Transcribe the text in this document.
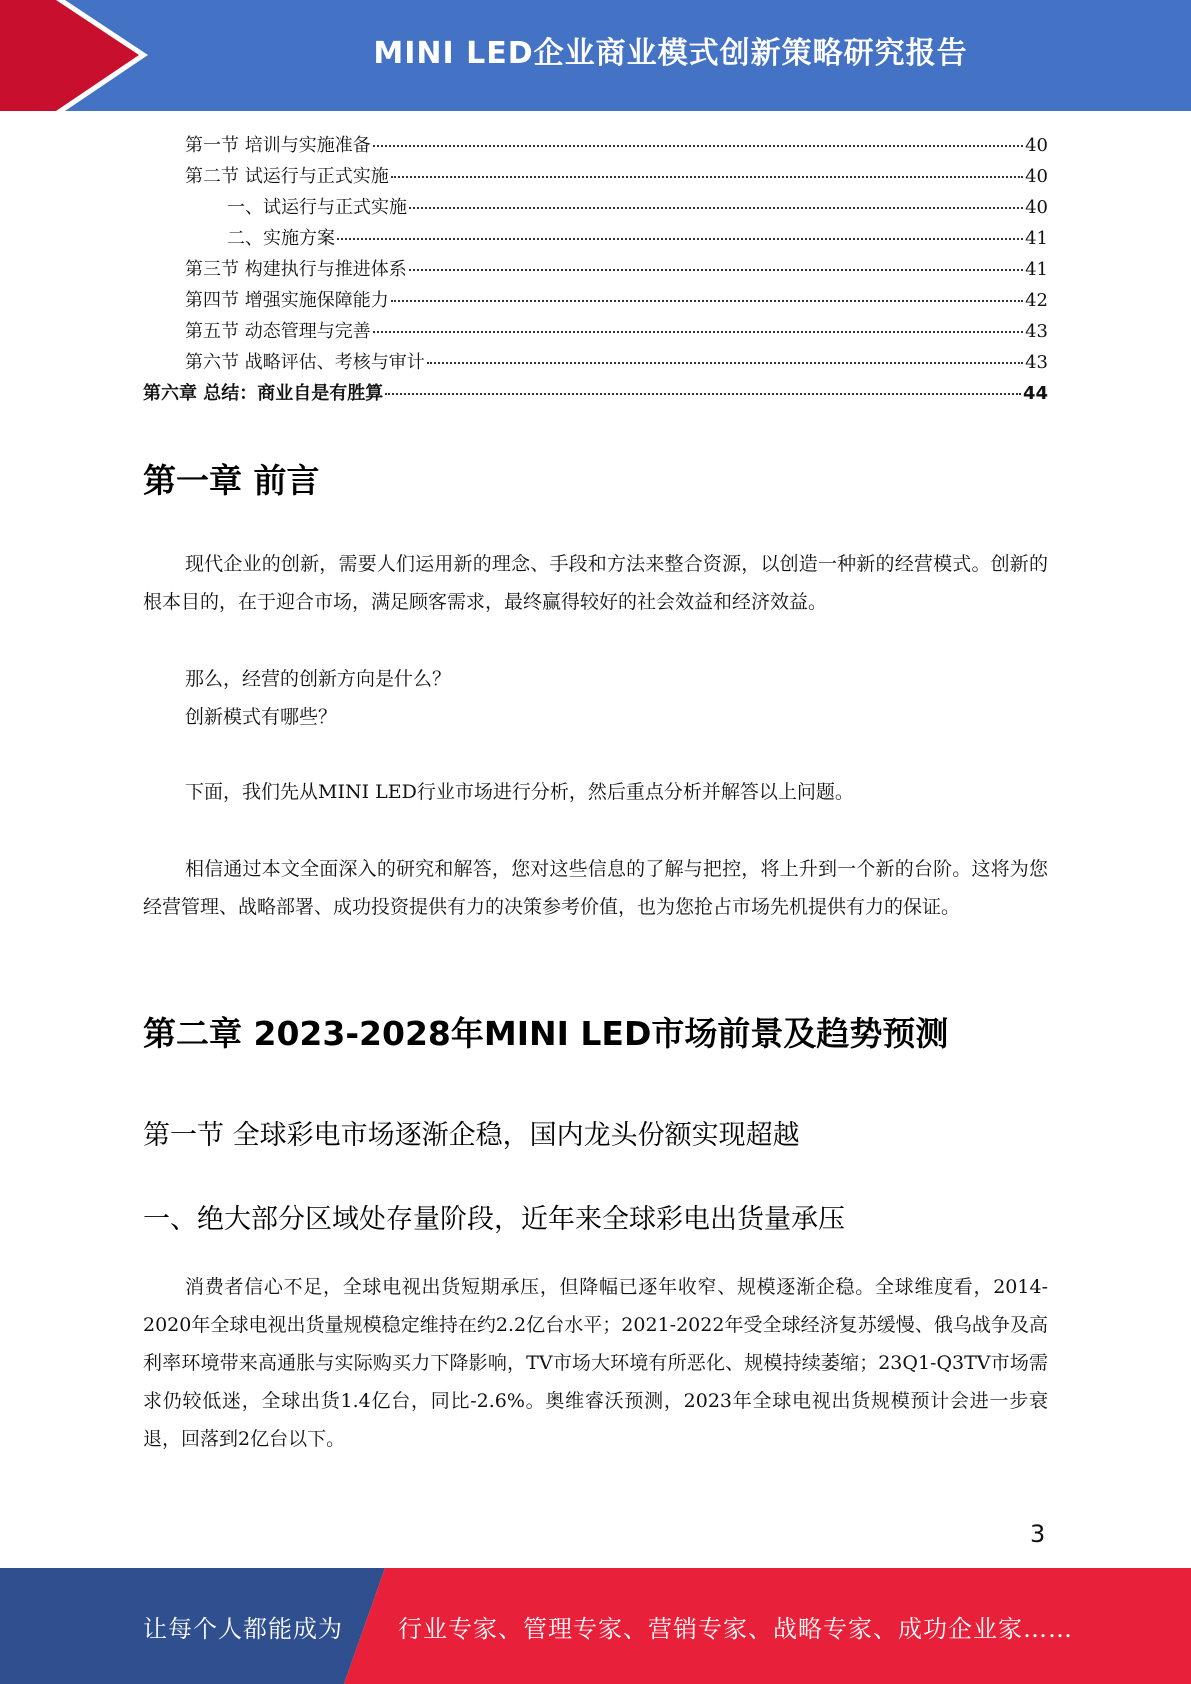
MINI LED企业商业模式创新策略研究报告
第一节 培训与实施准备	40
第二节 试运行与正式实施	40
一、试运行与正式实施	40
二、实施方案	41
第三节 构建执行与推进体系	41
第四节 增强实施保障能力	42
第五节 动态管理与完善	43
第六节 战略评估、考核与审计	43
第六章 总结：商业自是有胜算	44
第一章 前言

现代企业的创新，需要人们运用新的理念、手段和方法来整合资源，以创造一种新的经营模式。创新的根本目的，在于迎合市场，满足顾客需求，最终赢得较好的社会效益和经济效益。

那么，经营的创新方向是什么？

创新模式有哪些？

下面，我们先从MINI LED行业市场进行分析，然后重点分析并解答以上问题。

相信通过本文全面深入的研究和解答，您对这些信息的了解与把控，将上升到一个新的台阶。这将为您经营管理、战略部署、成功投资提供有力的决策参考价值，也为您抢占市场先机提供有力的保证。

第二章 2023-2028年MINI LED市场前景及趋势预测
第一节 全球彩电市场逐渐企稳，国内龙头份额实现超越
一、绝大部分区域处存量阶段，近年来全球彩电出货量承压

消费者信心不足，全球电视出货短期承压，但降幅已逐年收窄、规模逐渐企稳。全球维度看，2014-2020年全球电视出货量规模稳定维持在约2.2亿台水平；2021-2022年受全球经济复苏缓慢、俄乌战争及高利率环境带来高通胀与实际购买力下降影响，TV市场大环境有所恶化、规模持续萎缩；23Q1-Q3TV市场需求仍较低迷，全球出货1.4亿台，同比-2.6%。奥维睿沃预测，2023年全球电视出货规模预计会进一步衰退，回落到2亿台以下。

3
让每个人都能成为 行业专家、管理专家、营销专家、战略专家、成功企业家……
